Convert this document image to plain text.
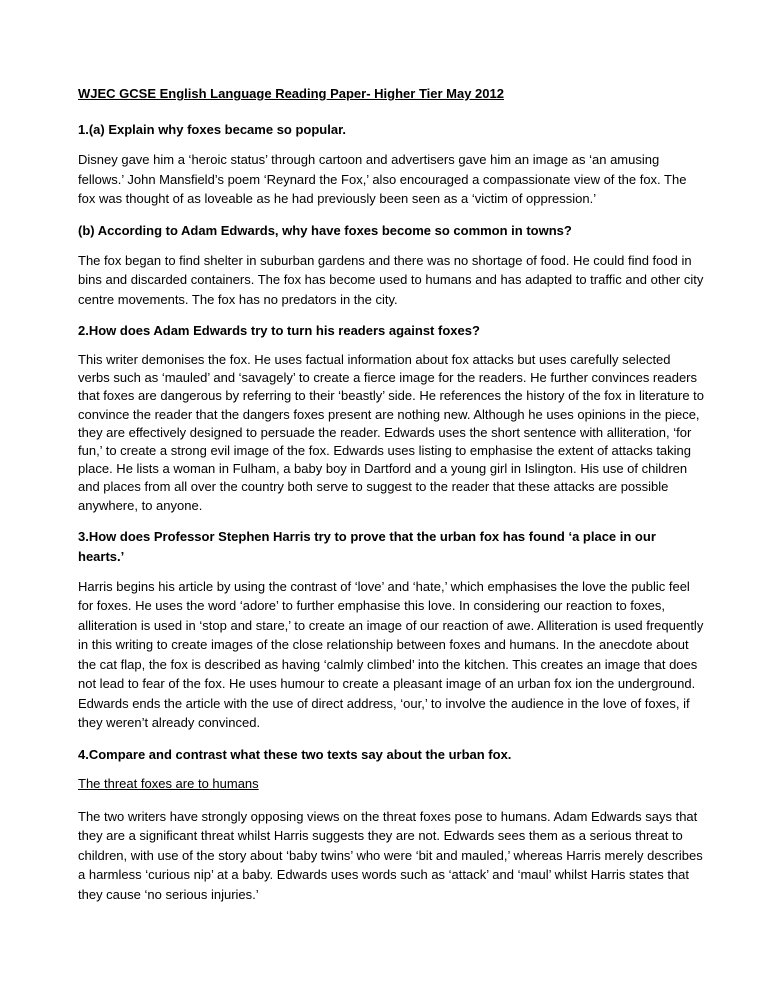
WJEC GCSE English Language Reading Paper- Higher Tier May 2012
1.(a) Explain why foxes became so popular.
Disney gave him a ‘heroic status’ through cartoon and advertisers gave him an image as ‘an amusing fellows.’ John Mansfield’s poem ‘Reynard the Fox,’ also encouraged a compassionate view of the fox. The fox was thought of as loveable as he had previously been seen as a ‘victim of oppression.’
(b) According to Adam Edwards, why have foxes become so common in towns?
The fox began to find shelter in suburban gardens and there was no shortage of food. He could find food in bins and discarded containers. The fox has become used to humans and has adapted to traffic and other city centre movements. The fox has no predators in the city.
2.How does Adam Edwards try to turn his readers against foxes?
This writer demonises the fox. He uses factual information about fox attacks but uses carefully selected verbs such as ‘mauled’ and ‘savagely’ to create a fierce image for the readers. He further convinces readers that foxes are dangerous by referring to their ‘beastly’ side. He references the history of the fox in literature to convince the reader that the dangers foxes present are nothing new. Although he uses opinions in the piece, they are effectively designed to persuade the reader. Edwards uses the short sentence with alliteration, ‘for fun,’ to create a strong evil image of the fox. Edwards uses listing to emphasise the extent of attacks taking place. He lists a woman in Fulham, a baby boy in Dartford and a young girl in Islington. His use of children and places from all over the country both serve to suggest to the reader that these attacks are possible anywhere, to anyone.
3.How does Professor Stephen Harris try to prove that the urban fox has found ‘a place in our hearts.’
Harris begins his article by using the contrast of ‘love’ and ‘hate,’ which emphasises the love the public feel for foxes. He uses the word ‘adore’ to further emphasise this love. In considering our reaction to foxes, alliteration is used in ‘stop and stare,’ to create an image of our reaction of awe. Alliteration is used frequently in this writing to create images of the close relationship between foxes and humans. In the anecdote about the cat flap, the fox is described as having ‘calmly climbed’ into the kitchen. This creates an image that does not lead to fear of the fox. He uses humour to create a pleasant image of an urban fox ion the underground. Edwards ends the article with the use of direct address, ‘our,’ to involve the audience in the love of foxes, if they weren’t already convinced.
4.Compare and contrast what these two texts say about the urban fox.
The threat foxes are to humans
The two writers have strongly opposing views on the threat foxes pose to humans. Adam Edwards says that they are a significant threat whilst Harris suggests they are not. Edwards sees them as a serious threat to children, with use of the story about ‘baby twins’ who were ‘bit and mauled,’ whereas Harris merely describes a harmless ‘curious nip’ at a baby. Edwards uses words such as ‘attack’ and ‘maul’ whilst Harris states that they cause ‘no serious injuries.’
